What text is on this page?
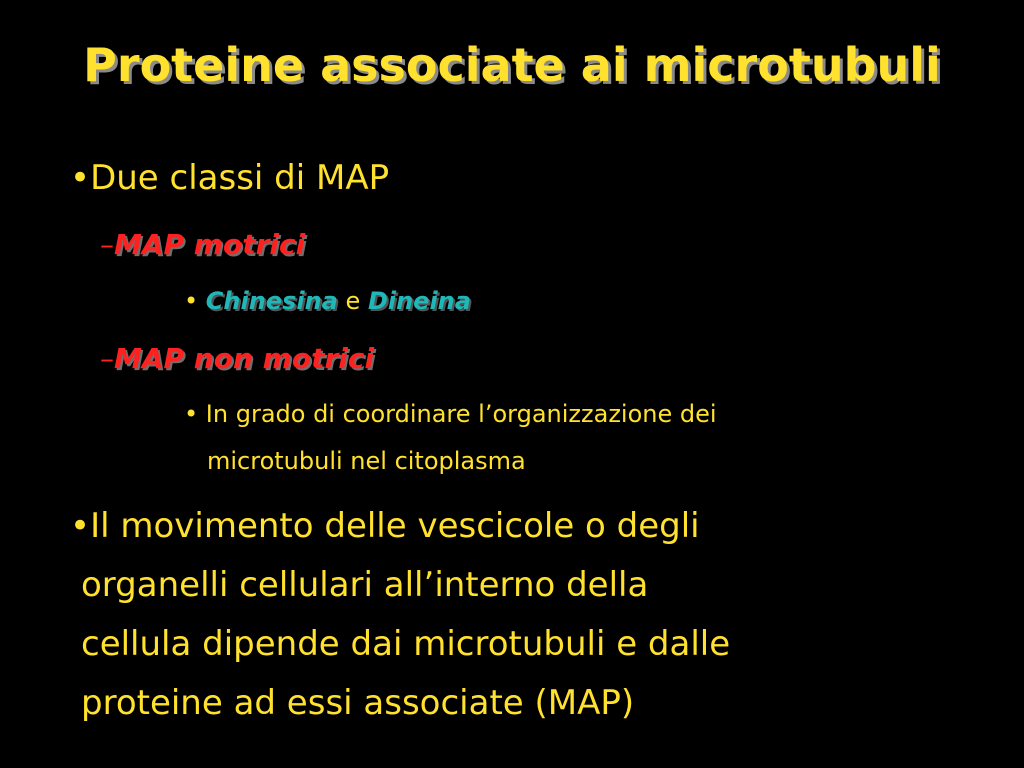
Proteine associate ai microtubuli
•Due classi di MAP
–MAP motrici
• Chinesina e Dineina
–MAP non motrici
• In grado di coordinare l’organizzazione dei
microtubuli nel citoplasma
•Il movimento delle vescicole o degli
organelli cellulari all’interno della
cellula dipende dai microtubuli e dalle
proteine ad essi associate (MAP)
